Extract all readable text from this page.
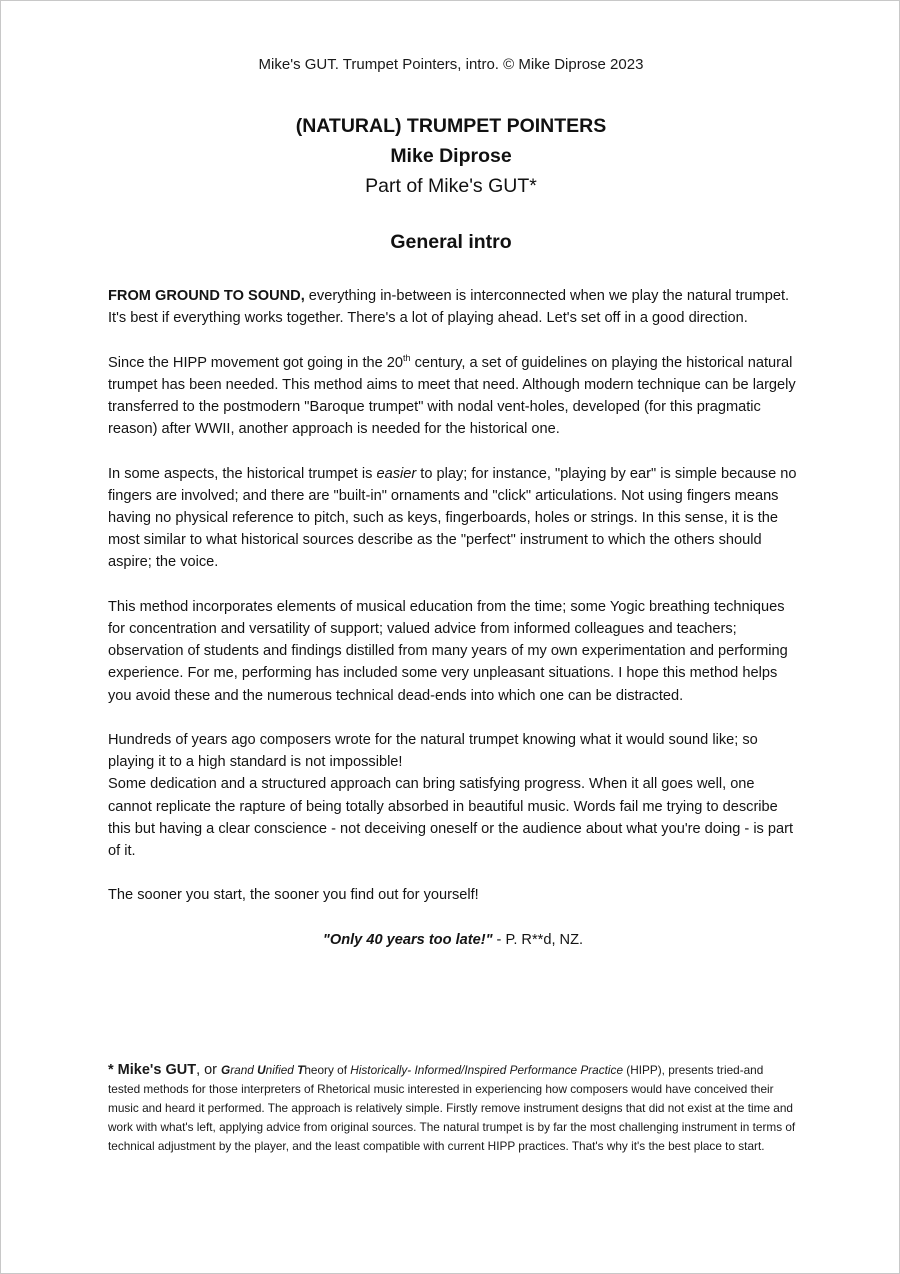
Mike's GUT. Trumpet Pointers, intro. © Mike Diprose 2023
(NATURAL) TRUMPET POINTERS
Mike Diprose
Part of Mike's GUT*
General intro

FROM GROUND TO SOUND, everything in-between is interconnected when we play the natural trumpet. It's best if everything works together. There's a lot of playing ahead. Let's set off in a good direction.

Since the HIPP movement got going in the 20th century, a set of guidelines on playing the historical natural trumpet has been needed. This method aims to meet that need. Although modern technique can be largely transferred to the postmodern "Baroque trumpet" with nodal vent-holes, developed (for this pragmatic reason) after WWII, another approach is needed for the historical one.

In some aspects, the historical trumpet is easier to play; for instance, "playing by ear" is simple because no fingers are involved; and there are "built-in" ornaments and "click" articulations. Not using fingers means having no physical reference to pitch, such as keys, fingerboards, holes or strings. In this sense, it is the most similar to what historical sources describe as the "perfect" instrument to which the others should aspire; the voice.

This method incorporates elements of musical education from the time; some Yogic breathing techniques for concentration and versatility of support; valued advice from informed colleagues and teachers; observation of students and findings distilled from many years of my own experimentation and performing experience. For me, performing has included some very unpleasant situations. I hope this method helps you avoid these and the numerous technical dead-ends into which one can be distracted.

Hundreds of years ago composers wrote for the natural trumpet knowing what it would sound like; so playing it to a high standard is not impossible!

Some dedication and a structured approach can bring satisfying progress. When it all goes well, one cannot replicate the rapture of being totally absorbed in beautiful music. Words fail me trying to describe this but having a clear conscience - not deceiving oneself or the audience about what you're doing - is part of it.

The sooner you start, the sooner you find out for yourself!

"Only 40 years too late!" - P. R**d, NZ.

* Mike's GUT, or Grand Unified Theory of Historically- Informed/Inspired Performance Practice (HIPP), presents tried-and tested methods for those interpreters of Rhetorical music interested in experiencing how composers would have conceived their music and heard it performed. The approach is relatively simple. Firstly remove instrument designs that did not exist at the time and work with what's left, applying advice from original sources. The natural trumpet is by far the most challenging instrument in terms of technical adjustment by the player, and the least compatible with current HIPP practices. That's why it's the best place to start.
